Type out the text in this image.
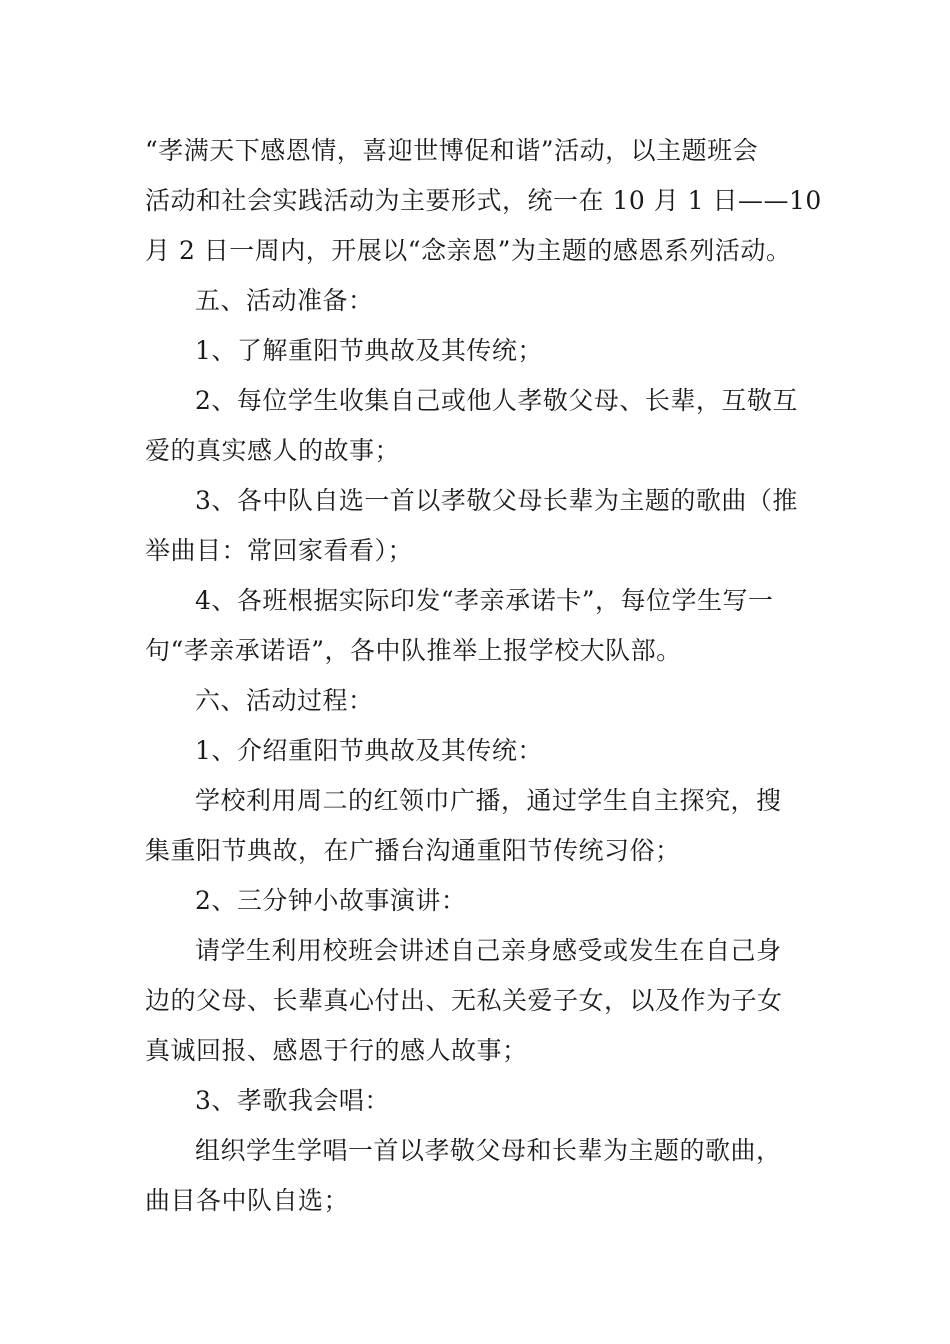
“孝满天下感恩情，喜迎世博促和谐”活动，以主题班会
活动和社会实践活动为主要形式，统一在 10 月 1 日——10
月 2 日一周内，开展以“念亲恩”为主题的感恩系列活动。
五、活动准备：
1、了解重阳节典故及其传统；
2、每位学生收集自己或他人孝敬父母、长辈，互敬互
爱的真实感人的故事；
3、各中队自选一首以孝敬父母长辈为主题的歌曲（推
举曲目：常回家看看）；
4、各班根据实际印发“孝亲承诺卡”，每位学生写一
句“孝亲承诺语”，各中队推举上报学校大队部。
六、活动过程：
1、介绍重阳节典故及其传统：
学校利用周二的红领巾广播，通过学生自主探究，搜
集重阳节典故，在广播台沟通重阳节传统习俗；
2、三分钟小故事演讲：
请学生利用校班会讲述自己亲身感受或发生在自己身
边的父母、长辈真心付出、无私关爱子女，以及作为子女
真诚回报、感恩于行的感人故事；
3、孝歌我会唱：
组织学生学唱一首以孝敬父母和长辈为主题的歌曲，
曲目各中队自选；
